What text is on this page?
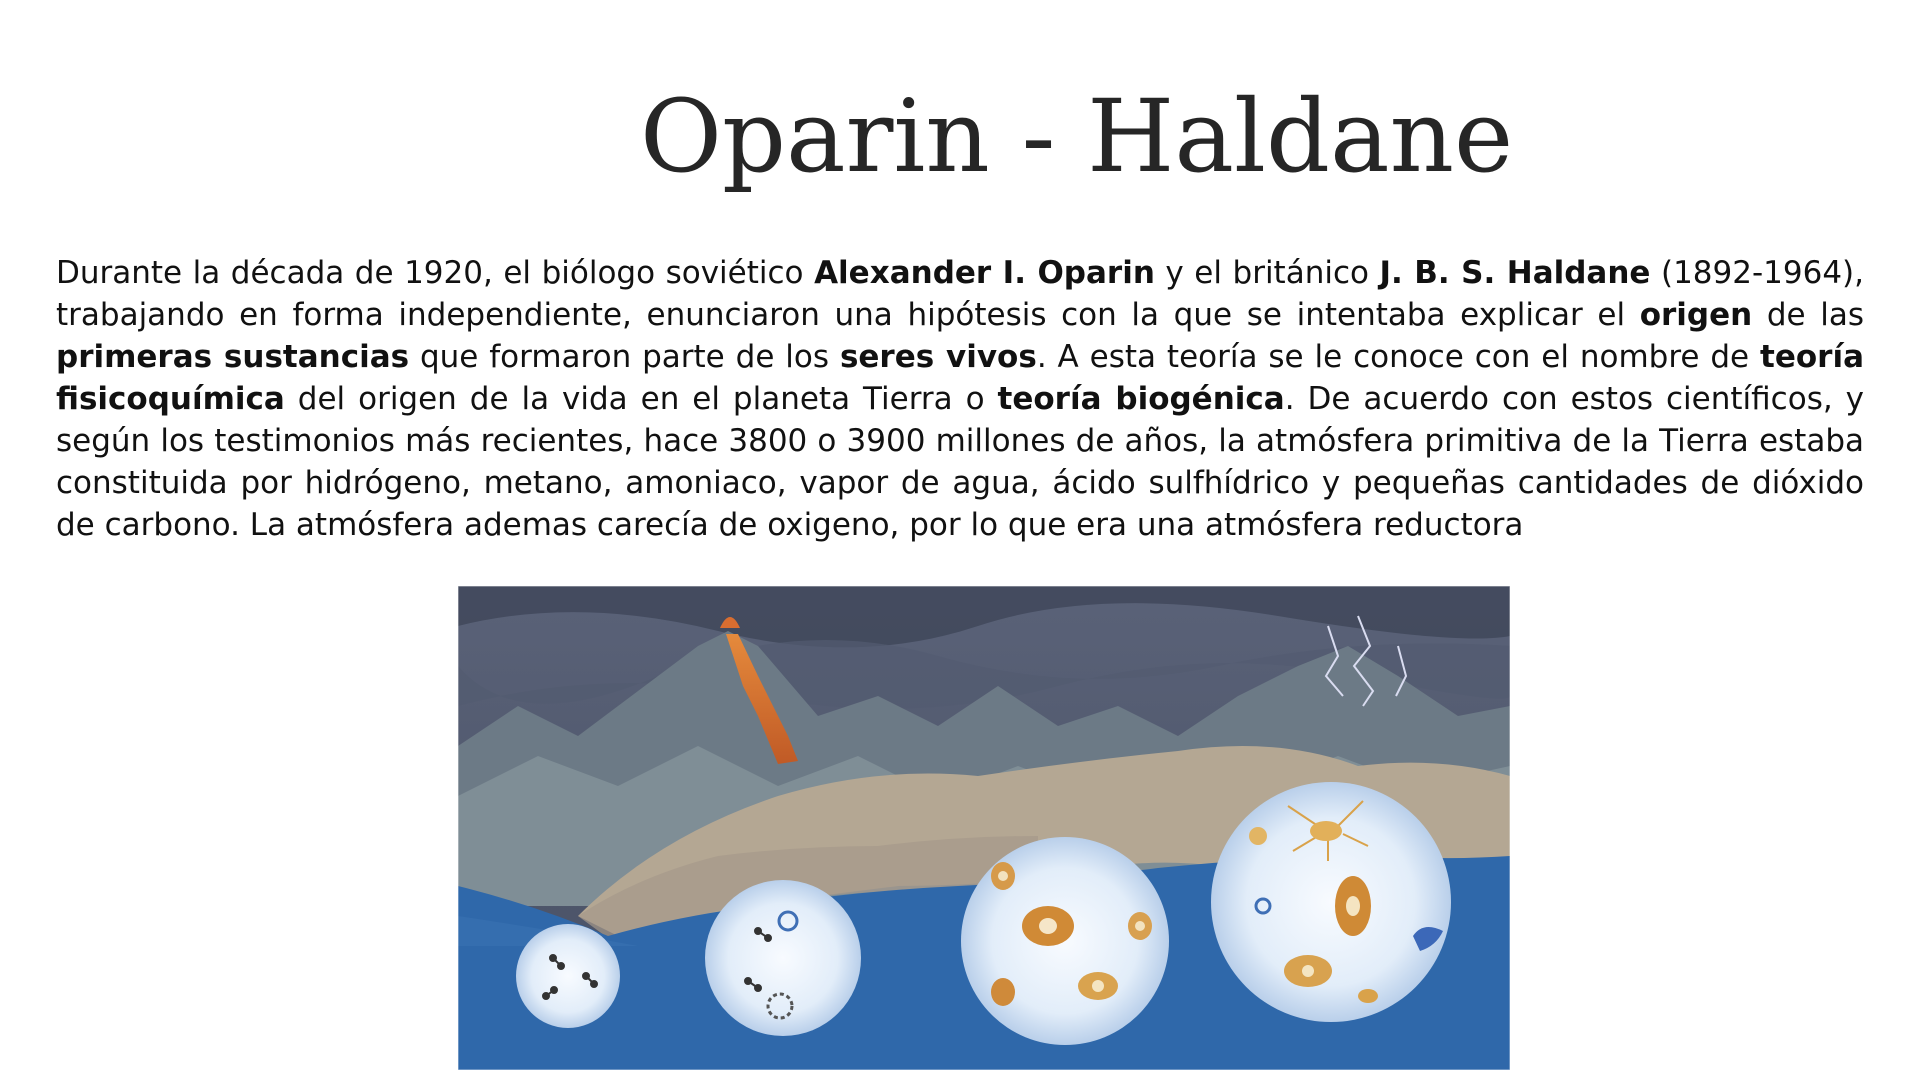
Oparin - Haldane

Durante la década de 1920, el biólogo soviético Alexander I. Oparin y el británico J. B. S. Haldane (1892-1964), trabajando en forma independiente, enunciaron una hipótesis con la que se intentaba explicar el origen de las primeras sustancias que formaron parte de los seres vivos. A esta teoría se le conoce con el nombre de teoría fisicoquímica del origen de la vida en el planeta Tierra o teoría biogénica. De acuerdo con estos científicos, y según los testimonios más recientes, hace 3800 o 3900 millones de años, la atmósfera primitiva de la Tierra estaba constituida por hidrógeno, metano, amoniaco, vapor de agua, ácido sulfhídrico y pequeñas cantidades de dióxido de carbono. La atmósfera ademas carecía de oxigeno, por lo que era una atmósfera reductora
